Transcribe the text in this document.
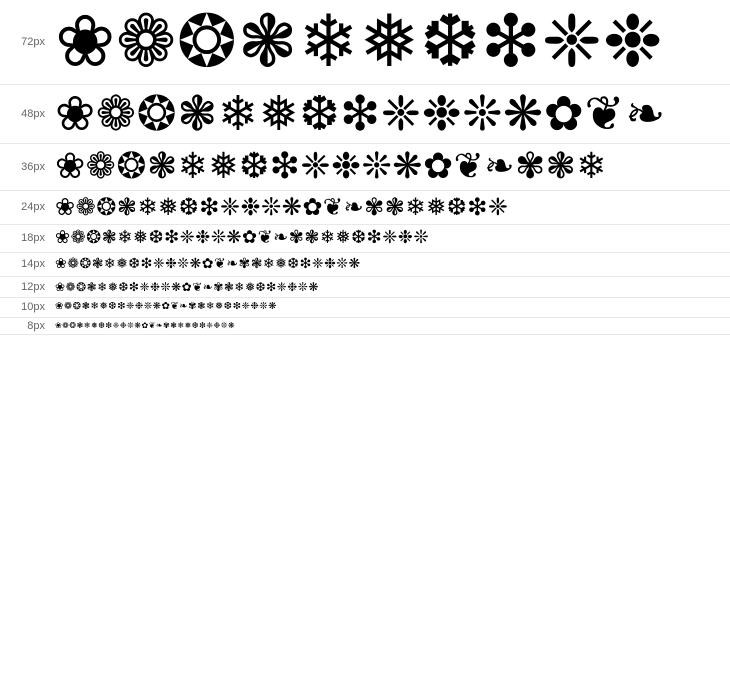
72px	❀❁❂❃❄❅❆❇❈❉

48px	❀❁❂❃❄❅❆❇❈❉❊❋✿❦❧

36px	❀❁❂❃❄❅❆❇❈❉❊❋✿❦❧✾❃❄

24px	❀❁❂❃❄❅❆❇❈❉❊❋✿❦❧✾❃❄❅❆❇❈

18px	❀❁❂❃❄❅❆❇❈❉❊❋✿❦❧✾❃❄❅❆❇❈❉❊

14px	❀❁❂❃❄❅❆❇❈❉❊❋✿❦❧✾❃❄❅❆❇❈❉❊❋

12px	❀❁❂❃❄❅❆❇❈❉❊❋✿❦❧✾❃❄❅❆❇❈❉❊❋

10px	❀❁❂❃❄❅❆❇❈❉❊❋✿❦❧✾❃❄❅❆❇❈❉❊❋

8px	❀❁❂❃❄❅❆❇❈❉❊❋✿❦❧✾❃❄❅❆❇❈❉❊❋
